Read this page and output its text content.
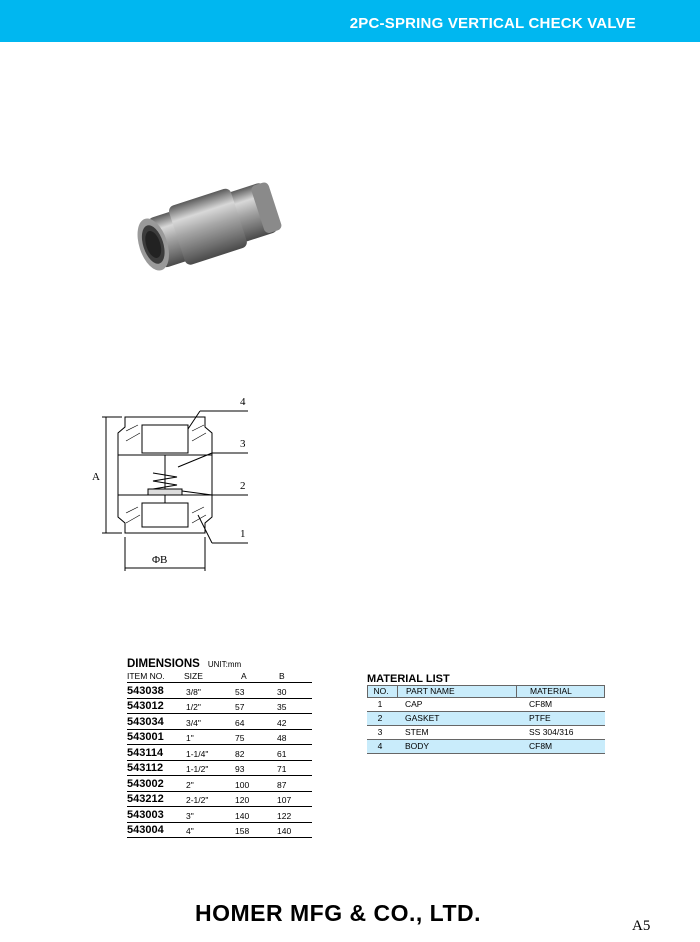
2PC-SPRING VERTICAL CHECK VALVE
A
ΦB
4
3
2
1
DIMENSIONS UNIT:mm
ITEM NO. SIZE	A	B
543038	3/8"	53	30
543012	1/2"	57	35
543034	3/4"	64	42
543001	1"	75	48
543114	1-1/4"	82	61
543112	1-1/2"	93	71
543002	2"	100	87
543212	2-1/2"	120	107
543003	3"	140	122
543004	4"	158	140
MATERIAL LIST
NO.	PART NAME	MATERIAL
1	CAP	CF8M
2	GASKET	PTFE
3	STEM	SS 304/316
4	BODY	CF8M
HOMER MFG & CO., LTD.	A5
